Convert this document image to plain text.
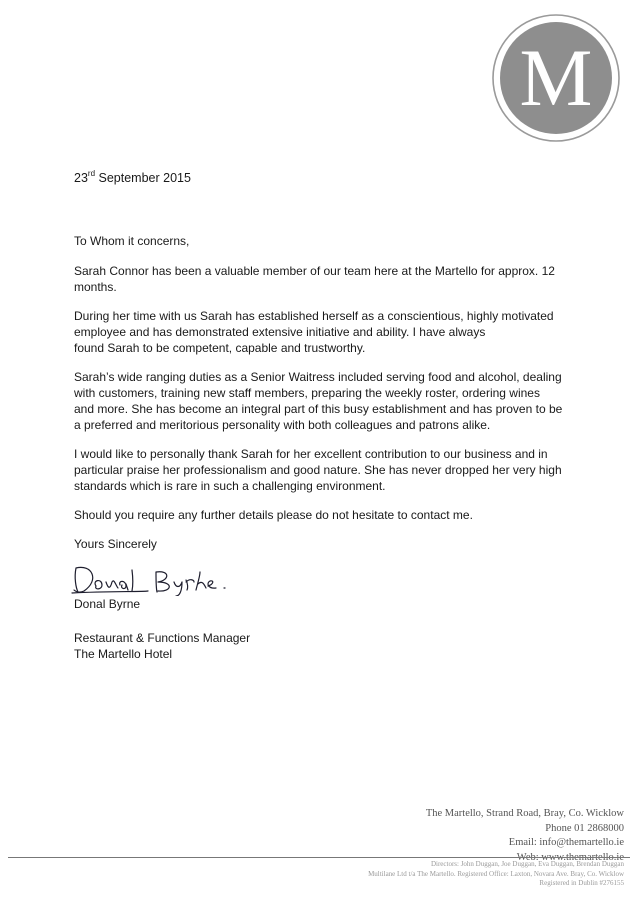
M

23rd September 2015

To Whom it concerns,

Sarah Connor has been a valuable member of our team here at the Martello for approx. 12
months.

During her time with us Sarah has established herself as a conscientious, highly motivated
employee and has demonstrated extensive initiative and ability. I have always
found Sarah to be competent, capable and trustworthy.

Sarah’s wide ranging duties as a Senior Waitress included serving food and alcohol, dealing
with customers, training new staff members, preparing the weekly roster, ordering wines
and more. She has become an integral part of this busy establishment and has proven to be
a preferred and meritorious personality with both colleagues and patrons alike.

I would like to personally thank Sarah for her excellent contribution to our business and in
particular praise her professionalism and good nature. She has never dropped her very high
standards which is rare in such a challenging environment.

Should you require any further details please do not hesitate to contact me.

Yours Sincerely

Donal Byrne

Restaurant & Functions Manager
The Martello Hotel

The Martello, Strand Road, Bray, Co. Wicklow
Phone 01 2868000
Email: info@themartello.ie
Web: www.themartello.ie
Directors: John Duggan, Joe Duggan, Eva Duggan, Brendan Duggan
Multilane Ltd t/a The Martello. Registered Office: Laxton, Novara Ave. Bray, Co. Wicklow
Registered in Dublin #276155
